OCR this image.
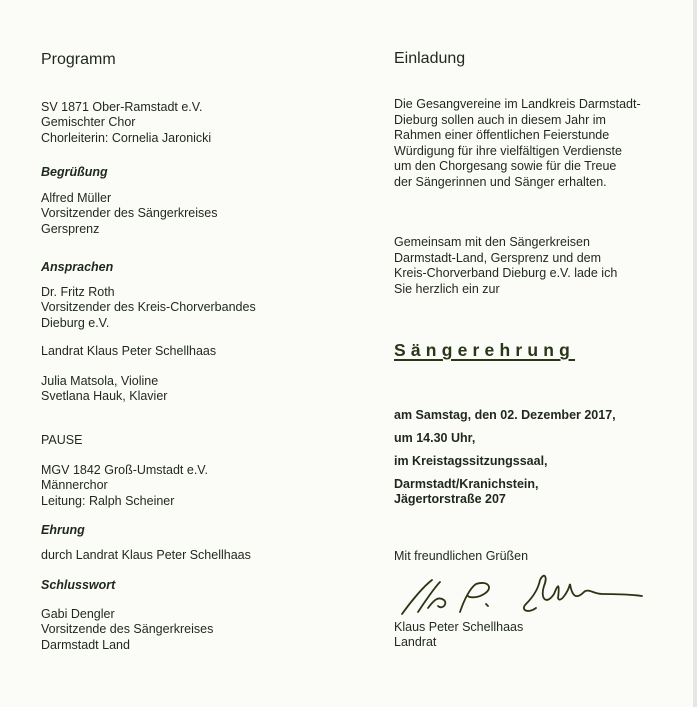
Programm
SV 1871 Ober-Ramstadt e.V.
Gemischter Chor
Chorleiterin: Cornelia Jaronicki
Begrüßung
Alfred Müller
Vorsitzender des Sängerkreises
Gersprenz
Ansprachen
Dr. Fritz Roth
Vorsitzender des Kreis-Chorverbandes
Dieburg e.V.
Landrat Klaus Peter Schellhaas
Julia Matsola, Violine
Svetlana Hauk, Klavier
PAUSE
MGV 1842 Groß-Umstadt e.V.
Männerchor
Leitung: Ralph Scheiner
Ehrung
durch Landrat Klaus Peter Schellhaas
Schlusswort
Gabi Dengler
Vorsitzende des Sängerkreises
Darmstadt Land
Einladung
Die Gesangvereine im Landkreis Darmstadt-
Dieburg sollen auch in diesem Jahr im
Rahmen einer öffentlichen Feierstunde
Würdigung für ihre vielfältigen Verdienste
um den Chorgesang sowie für die Treue
der Sängerinnen und Sänger erhalten.
Gemeinsam mit den Sängerkreisen
Darmstadt-Land, Gersprenz und dem
Kreis-Chorverband Dieburg e.V. lade ich
Sie herzlich ein zur
Sängerehrung
am Samstag, den 02. Dezember 2017,
um 14.30 Uhr,
im Kreistagssitzungssaal,
Darmstadt/Kranichstein,
Jägertorstraße 207
Mit freundlichen Grüßen
Klaus Peter Schellhaas
Landrat
